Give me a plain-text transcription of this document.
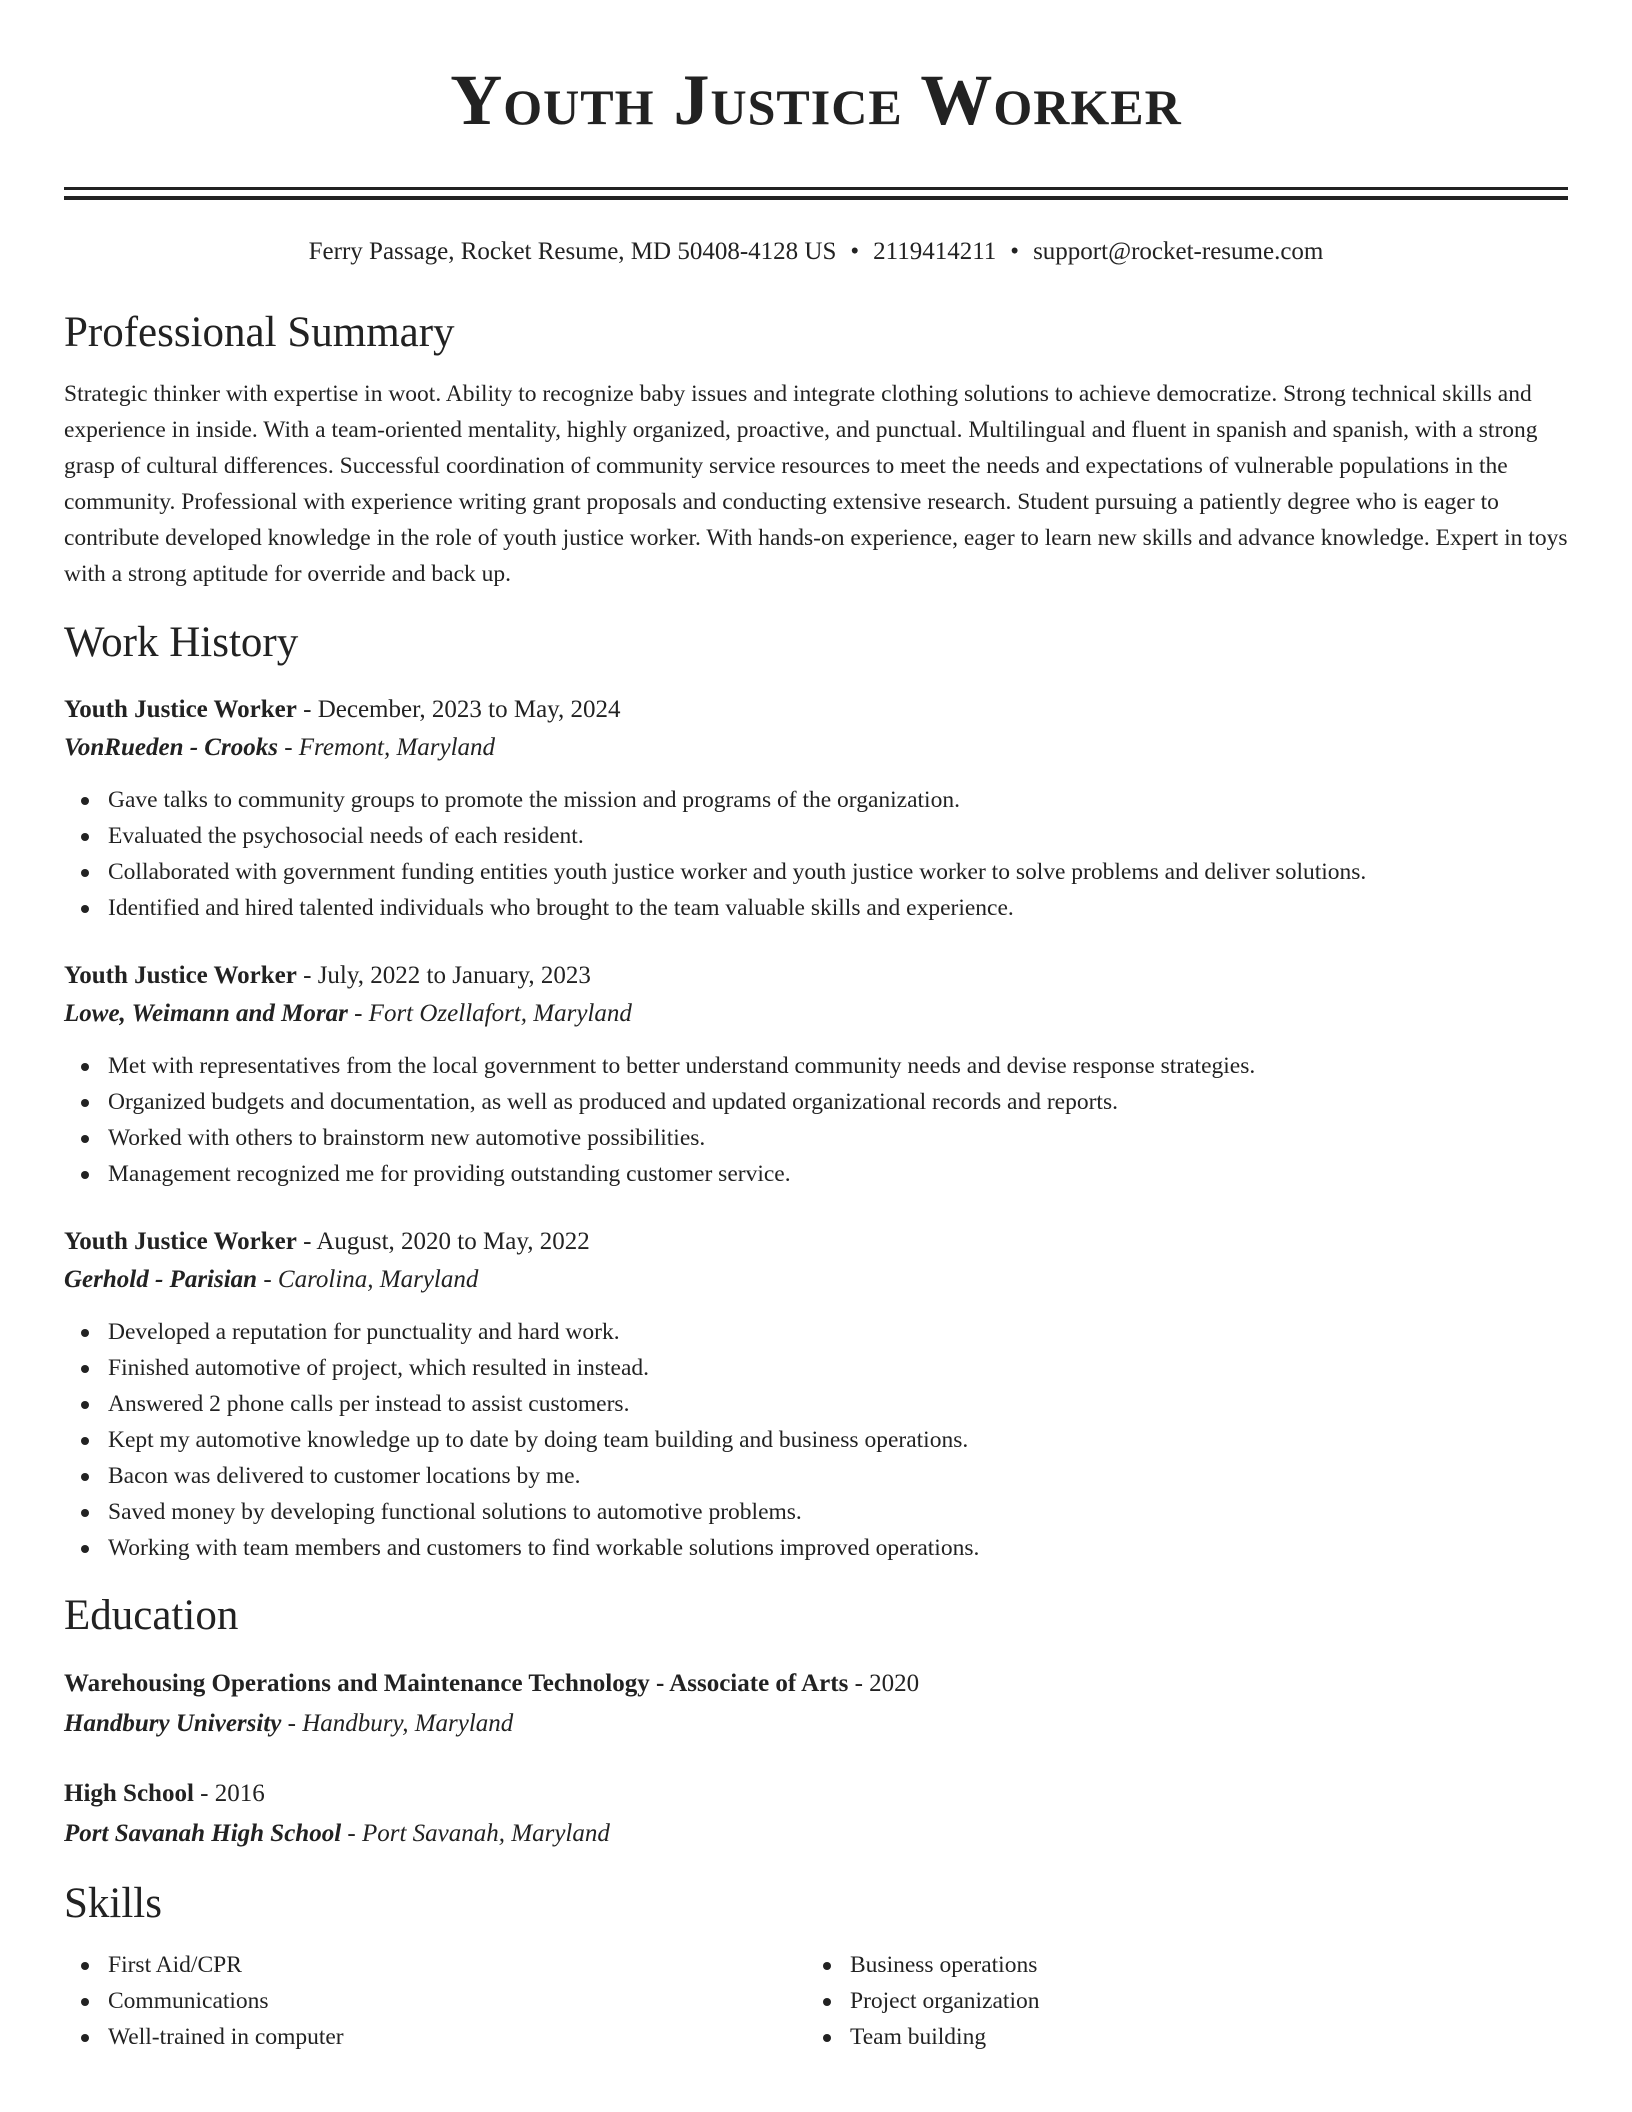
Youth Justice Worker
Ferry Passage, Rocket Resume, MD 50408-4128 US • 2119414211 • support@rocket-resume.com
Professional Summary

Strategic thinker with expertise in woot. Ability to recognize baby issues and integrate clothing solutions to achieve democratize. Strong technical skills and experience in inside. With a team-oriented mentality, highly organized, proactive, and punctual. Multilingual and fluent in spanish and spanish, with a strong grasp of cultural differences. Successful coordination of community service resources to meet the needs and expectations of vulnerable populations in the community. Professional with experience writing grant proposals and conducting extensive research. Student pursuing a patiently degree who is eager to contribute developed knowledge in the role of youth justice worker. With hands-on experience, eager to learn new skills and advance knowledge. Expert in toys with a strong aptitude for override and back up.

Work History
Youth Justice Worker - December, 2023 to May, 2024
VonRueden - Crooks - Fremont, Maryland
Gave talks to community groups to promote the mission and programs of the organization.
Evaluated the psychosocial needs of each resident.
Collaborated with government funding entities youth justice worker and youth justice worker to solve problems and deliver solutions.
Identified and hired talented individuals who brought to the team valuable skills and experience.
Youth Justice Worker - July, 2022 to January, 2023
Lowe, Weimann and Morar - Fort Ozellafort, Maryland
Met with representatives from the local government to better understand community needs and devise response strategies.
Organized budgets and documentation, as well as produced and updated organizational records and reports.
Worked with others to brainstorm new automotive possibilities.
Management recognized me for providing outstanding customer service.
Youth Justice Worker - August, 2020 to May, 2022
Gerhold - Parisian - Carolina, Maryland
Developed a reputation for punctuality and hard work.
Finished automotive of project, which resulted in instead.
Answered 2 phone calls per instead to assist customers.
Kept my automotive knowledge up to date by doing team building and business operations.
Bacon was delivered to customer locations by me.
Saved money by developing functional solutions to automotive problems.
Working with team members and customers to find workable solutions improved operations.
Education
Warehousing Operations and Maintenance Technology - Associate of Arts - 2020
Handbury University - Handbury, Maryland
High School - 2016
Port Savanah High School - Port Savanah, Maryland
Skills
First Aid/CPR
Communications
Well-trained in computer
Business operations
Project organization
Team building
